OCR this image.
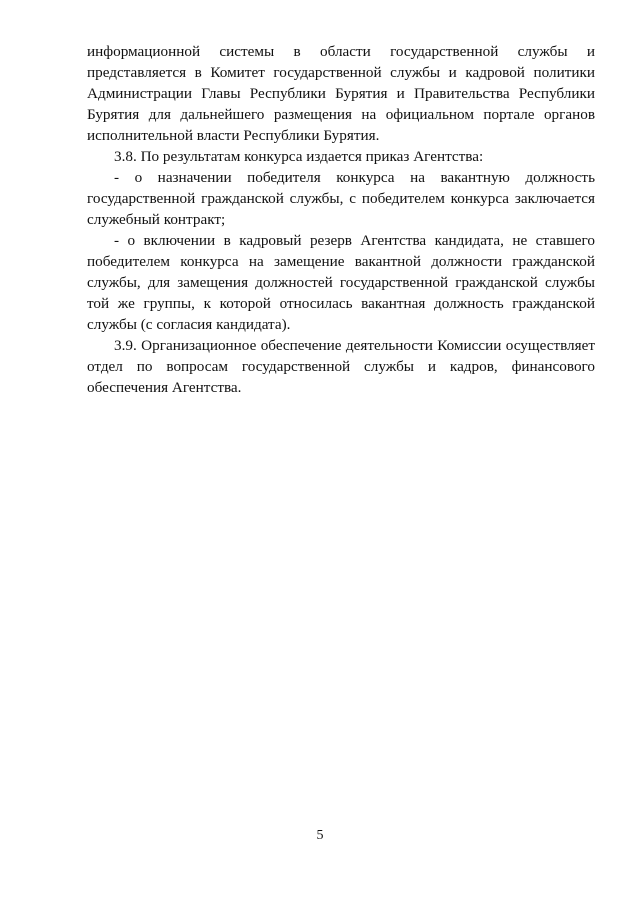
информационной системы в области государственной службы и представляется в Комитет государственной службы и кадровой политики Администрации Главы Республики Бурятия и Правительства Республики Бурятия для дальнейшего размещения на официальном портале органов исполнительной власти Республики Бурятия.

3.8. По результатам конкурса издается приказ Агентства:

- о назначении победителя конкурса на вакантную должность государственной гражданской службы, с победителем конкурса заключается служебный контракт;

- о включении в кадровый резерв Агентства кандидата, не ставшего победителем конкурса на замещение вакантной должности гражданской службы, для замещения должностей государственной гражданской службы той же группы, к которой относилась вакантная должность гражданской службы (с согласия кандидата).

3.9. Организационное обеспечение деятельности Комиссии осуществляет отдел по вопросам государственной службы и кадров, финансового обеспечения Агентства.

5
